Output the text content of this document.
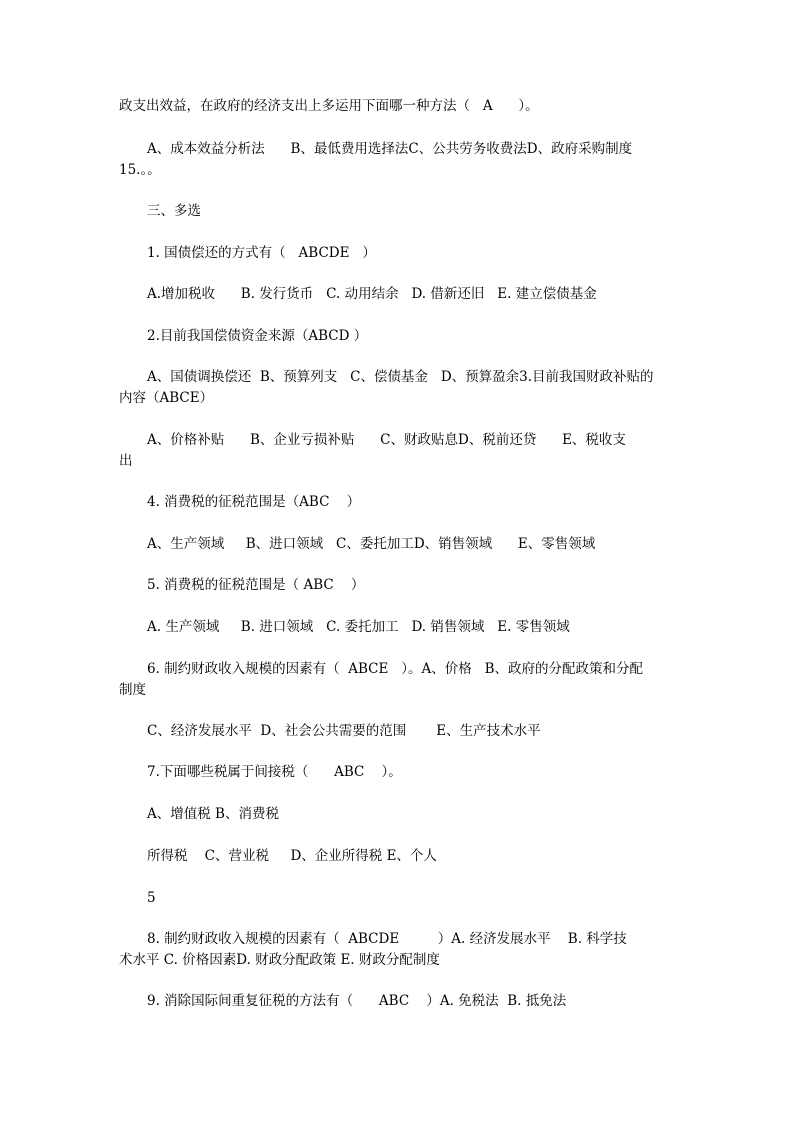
政支出效益，在政府的经济支出上多运用下面哪一种方法（   A      ）。
A、成本效益分析法      B、最低费用选择法C、公共劳务收费法D、政府采购制度
15.。。
三、多选
1. 国债偿还的方式有（   ABCDE   ）
A.增加税收      B. 发行货币   C. 动用结余   D. 借新还旧   E. 建立偿债基金
2.目前我国偿债资金来源（ABCD ）
A、国债调换偿还  B、预算列支   C、偿债基金   D、预算盈余3.目前我国财政补贴的
内容（ABCE）
A、价格补贴      B、企业亏损补贴      C、财政贴息D、税前还贷      E、税收支
出
4. 消费税的征税范围是（ABC    ）
A、生产领域     B、进口领域   C、委托加工D、销售领域      E、零售领域
5. 消费税的征税范围是（ ABC    ）
A. 生产领域     B. 进口领域   C. 委托加工   D. 销售领域   E. 零售领域
6. 制约财政收入规模的因素有（  ABCE   ）。A、价格   B、政府的分配政策和分配
制度
C、经济发展水平  D、社会公共需要的范围       E、生产技术水平
7.下面哪些税属于间接税（      ABC    ）。
A、增值税 B、消费税
所得税    C、营业税     D、企业所得税 E、个人
5
8. 制约财政收入规模的因素有（  ABCDE         ）A. 经济发展水平    B. 科学技
术水平 C. 价格因素D. 财政分配政策 E. 财政分配制度
9. 消除国际间重复征税的方法有（      ABC    ）A. 免税法  B. 抵免法
